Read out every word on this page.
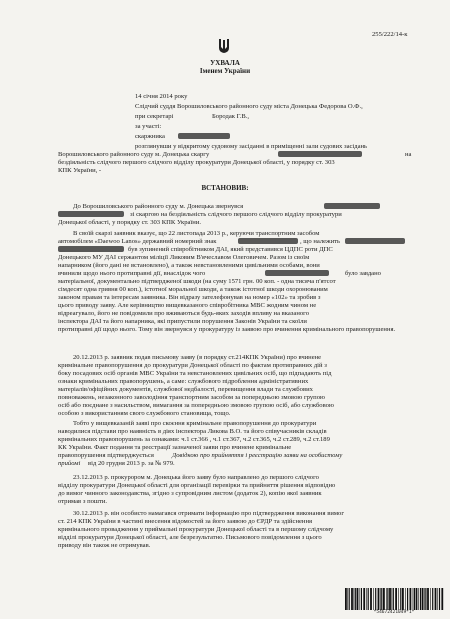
255/222/14-к
УХВАЛА
Іменем України
14 січня 2014 року
Слідчий суддя Ворошиловського районного суду міста Донецька Федорова О.Ф.,
при секретарі	Бородак Г.В.,
за участі:
скаржника
розглянувши у відкритому судовому засіданні в приміщенні зали судових засідань
Ворошиловського районного суду м. Донецька скаргу	на
бездіяльність слідчого першого слідчого відділу прокуратури Донецької області, у порядку ст. 303
КПК України, -
ВСТАНОВИВ:
До Ворошиловського районного суду м. Донецька звернувся
зі скаргою на бездіяльність слідчого першого слідчого відділу прокуратури
Донецької області, у порядку ст. 303 КПК України.
В своїй скарзі заявник вказує, що 22 листопада 2013 р., керуючи транспортним засобом
автомобілем «Daewoo Lanos» державний номерний знак	, що належить
був зупинений співробітником ДАІ, який представився ЦДПС роти ДПС
Донецького МУ ДАІ сержантом міліції Ликовим В'ячеславом Олеговичем. Разом із своїм
напарником (його дані не встановлено), а також невстановленими цивільними особами, вони
вчинили щодо нього протиправні дії, внаслідок чого	було завдано
матеріальної, документально підтвердженої шкоди (на суму 1571 грн. 00 коп. - одна тисяча п'ятсот
сімдесят одна гривня 00 коп.), істотної моральної шкоди, а також істотної шкоди охоронюваним
законом правам та інтересам заявника. Він відразу зателефонував на номер «102» та зробив з
цього приводу заяву. Але керівництво вищевказаного співробітника МВС жодним чином не
відреагувало, його не повідомили про вживаються будь-яких заходів впливу на вказаного
інспектора ДАІ та його напарника, які припустили порушення Законів України та скоїли
протиправні дії щодо нього. Тому він звернувся у прокуратуру із заявою про вчинення кримінального правопорушення.
20.12.2013 р. заявник подав письмову заяву (в порядку ст.214КПК України) про вчинене
кримінальне правопорушення до прокуратури Донецької області по фактам протиправних дій з
боку посадових осіб органів МВС України та невстановлених цивільних осіб, що підпадають під
ознаки кримінальних правопорушень, а саме: службового підроблення адміністративних
матеріалів/офіційних документів, службової недбалості, перевищення влади та службових
повноважень, незаконного заволодіння транспортним засобом за попередньою змовою групою
осіб або поєднане з насильством, вимагання за попередньою змовою групою осіб, або службовою
особою з використанням свого службового становища, тощо.
Тобто у вищевказаній заяві про скоєння кримінальне правопорушення до прокуратури
наводилися підстави про наявність в діях інспектора Ликова В.О. та його співучасників складів
кримінальних правопорушень за ознаками: ч.1 ст.366 , ч.1 ст.367, ч.2 ст.365, ч.2 ст.289, ч.2 ст.189
КК України. Факт подання та реєстрації зазначеної заяви про вчинене кримінальне
правопорушення підтверджується	Довідкою про прийняття і реєстрацію заяви на особистому
прийомі від 20 грудня 2013 р. за № 979.
23.12.2013 р. прокурором м. Донецька його заяву було направлено до першого слідчого
відділу прокуратури Донецької області для організації перевірки та прийняття рішення відповідно
до вимог чинного законодавства, згідно з супровідним листом (додаток 2), копію якої заявник
отримав з пошти.
30.12.2013 р. він особисто намагався отримати інформацію про підтвердження виконання вимог
ст. 214 КПК України в частині внесення відомостей за його заявою до ЄРДР та здійснення
кримінального провадження у приймальні прокуратури Донецької області та в першому слідчому
відділі прокуратури Донецької області, але безрезультатно. Письмового повідомлення з цього
приводу він також не отримував.
*54672421049*1*
